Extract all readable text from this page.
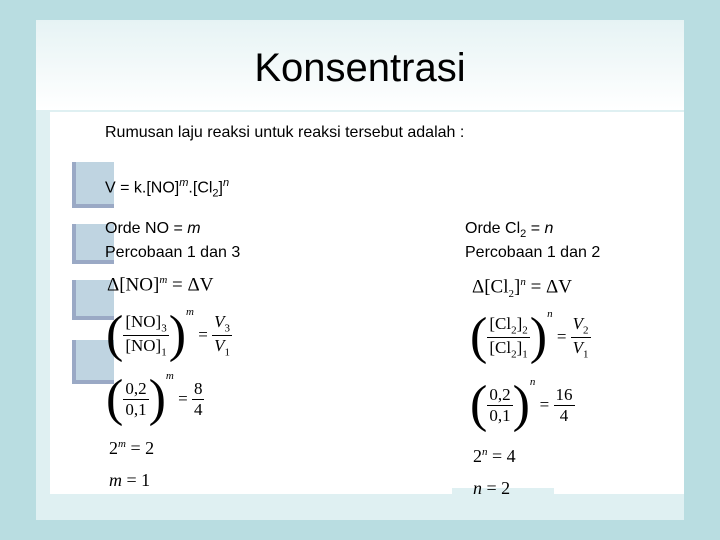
Konsentrasi
Rumusan laju reaksi untuk reaksi tersebut adalah :
$V = k.[NO]^m.[Cl_2]^n$
Orde NO = m
Percobaan 1 dan 3
Δ[NO]$^m$ = ΔV
( $\frac{[NO]_3}{[NO]_1} )^m = \frac{V_3}{V_1}$
( $\frac{0,2}{0,1} )^m = \frac{8}{4}$
$2^m = 2$
m = 1
Orde $Cl_2 = n$
Percobaan 1 dan 2
$\Delta[Cl_2]^n = \Delta V$
( $\frac{[Cl_2]_2}{[Cl_2]_1} )^n = \frac{V_2}{V_1}$
( $\frac{0,2}{0,1} )^n = \frac{16}{4}$
$2^n = 4$
n = 2
